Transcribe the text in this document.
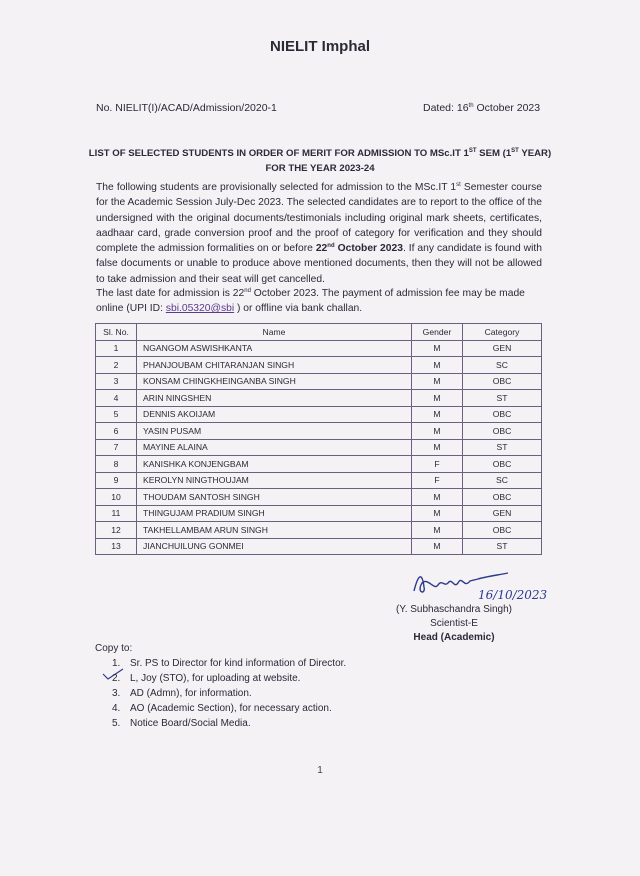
NIELIT Imphal
No. NIELIT(I)/ACAD/Admission/2020-1	Dated: 16th October 2023
LIST OF SELECTED STUDENTS IN ORDER OF MERIT FOR ADMISSION TO MSc.IT 1ST SEM (1ST YEAR)
FOR THE YEAR 2023-24
The following students are provisionally selected for admission to the MSc.IT 1st Semester course for the Academic Session July-Dec 2023. The selected candidates are to report to the office of the undersigned with the original documents/testimonials including original mark sheets, certificates, aadhaar card, grade conversion proof and the proof of category for verification and they should complete the admission formalities on or before 22nd October 2023. If any candidate is found with false documents or unable to produce above mentioned documents, then they will not be allowed to take admission and their seat will get cancelled.
The last date for admission is 22nd October 2023. The payment of admission fee may be made online (UPI ID: sbi.05320@sbi ) or offline via bank challan.
Sl. No.	Name	Gender	Category
1	NGANGOM ASWISHKANTA	M	GEN
2	PHANJOUBAM CHITARANJAN SINGH	M	SC
3	KONSAM CHINGKHEINGANBA SINGH	M	OBC
4	ARIN NINGSHEN	M	ST
5	DENNIS AKOIJAM	M	OBC
6	YASIN PUSAM	M	OBC
7	MAYINE ALAINA	M	ST
8	KANISHKA KONJENGBAM	F	OBC
9	KEROLYN NINGTHOUJAM	F	SC
10	THOUDAM SANTOSH SINGH	M	OBC
11	THINGUJAM PRADIUM SINGH	M	GEN
12	TAKHELLAMBAM ARUN SINGH	M	OBC
13	JIANCHUILUNG GONMEI	M	ST
16/10/2023
(Y. Subhaschandra Singh)
Scientist-E
Head (Academic)
Copy to:
1. Sr. PS to Director for kind information of Director.
2. L, Joy (STO), for uploading at website.
3. AD (Admn), for information.
4. AO (Academic Section), for necessary action.
5. Notice Board/Social Media.
1
